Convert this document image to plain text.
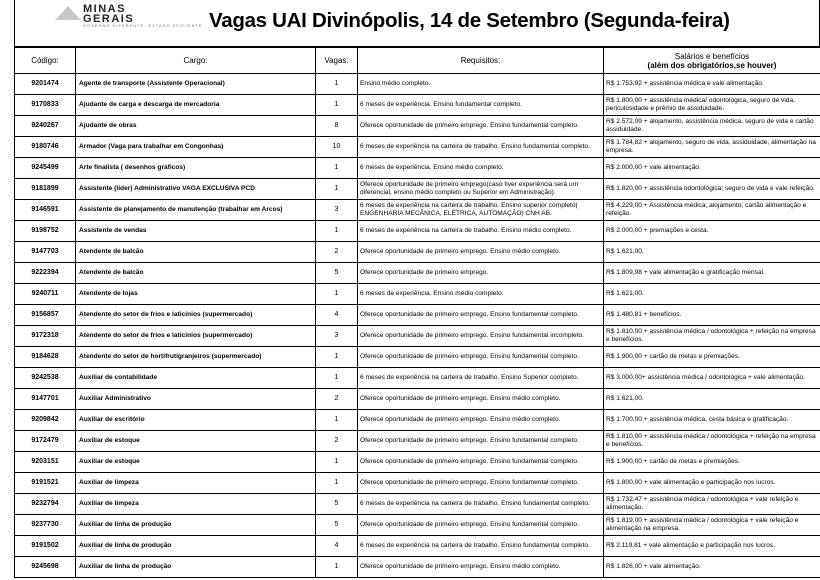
MINAS
GERAIS
GOVERNO DIFERENTE. ESTADO EFICIENTE. Vagas UAI Divinópolis, 14 de Setembro (Segunda-feira)
Código:	Cargo:	Vagas:	Requisitos:	Salários e benefícios
(além dos obrigatórios,se houver)

9201474	Agente de transporte (Assistente Operacional)	1	Ensino médio completo.	R$ 1.753,92 + assistência médica e vale alimentação.
9170833	Ajudante de carga e descarga de mercadoria	1	6 meses de experiência. Ensino fundamental completo.	R$ 1.800,00 + assistência médica/ odontológica, seguro de vida, periculosidade e prêmio de assiduidade.
9240267	Ajudante de obras	8	Oferece oportunidade de primeiro emprego. Ensino fundamental completo.	R$ 2.572,09 + alojamento, assistência médica, seguro de vida e cartão assiduidade.
9180746	Armador (Vaga para trabalhar em Congonhas)	10	6 meses de experiência na carteira de trabalho. Ensino fundamental completo.	R$ 1.784,82 + alojamento, seguro de vida, assiduidade, alimentação na empresa.
9245499	Arte finalista ( desenhos gráficos)	1	6 meses de experiência. Ensino médio completo.	R$ 2.000,00 + vale alimentação.
9181899	Assistente (líder) Administrativo VAGA EXCLUSIVA PCD	1	Oferece oportunidade de primeiro emprego(caso tiver experiência será um diferencial, ensino médio completo ou Superior em Administração).	R$ 1.820,00 + assistência odontológica; seguro de vida e vale refeição.
9146591	Assistente de planejamento de manutenção (trabalhar em Arcos)	3	6 meses de experiência na carteira de trabalho. Ensino superior completo( ENGENHARIA MECÂNICA, ELÉTRICA, AUTOMAÇÃO) CNH AB.	R$ 4.229,00 + Assistência médica; alojamento; cartão alimentação e refeição.
9198752	Assistente de vendas	1	6 meses de experiência na carteira de trabalho. Ensino médio completo.	R$ 2.000,00 + premiações e cesta.
9147703	Atendente de balcão	2	Oferece oportunidade de primeiro emprego. Ensino médio completo.	R$ 1.621,00.
9222394	Atendente de balcão	5	Oferece oportunidade de primeiro emprego.	R$ 1.809,98 + vale alimentação e gratificação mensal.
9240711	Atendente de lojas	1	6 meses de experiência. Ensino médio completo.	R$ 1.621,00.
9156857	Atendente do setor de frios e laticínios (supermercado)	4	Oferece oportunidade de primeiro emprego. Ensino fundamental completo.	R$ 1.480,81 + benefícios.
9172318	Atendente do setor de frios e laticínios (supermercado)	3	Oferece oportunidade de primeiro emprego. Ensino fundamental incompleto.	R$ 1.810,00 + assistência médica / odontológica + refeição na empresa e benefícios.
9184628	Atendente do setor de hortifrutigranjeiros (supermercado)	1	Oferece oportunidade de primeiro emprego. Ensino fundamental completo.	R$ 1.900,00 + cartão de metas e premiações.
9242538	Auxiliar de contabilidade	1	6 meses de experiência na carteira de trabalho. Ensino Superior completo.	R$ 3.000,00+ assistência médica / odontológica + vale alimentação.
9147701	Auxiliar Administrativo	2	Oferece oportunidade de primeiro emprego. Ensino médio completo.	R$ 1.621,00.
9209842	Auxiliar de escritório	1	Oferece oportunidade de primeiro emprego. Ensino médio completo.	R$ 1.700,00 + assistência médica, cesta básica e gratificação.
9172479	Auxiliar de estoque	2	Oferece oportunidade de primeiro emprego. Ensino fundamental completo.	R$ 1.810,00 + assistência médica / odontológica + refeição na empresa e benefícios.
9203151	Auxiliar de estoque	1	Oferece oportunidade de primeiro emprego. Ensino fundamental completo.	R$ 1.900,00 + cartão de metas e premiações.
9191521	Auxiliar de limpeza	1	Oferece oportunidade de primeiro emprego. Ensino fundamental completo.	R$ 1.800,00 + vale alimentação e participação nos lucros.
9232794	Auxiliar de limpeza	5	6 meses de experiência na carteira de trabalho. Ensino fundamental completo.	R$ 1.732,47 + assistência médica / odontológica + vale refeição e alimentação.
9237730	Auxiliar de linha de produção	5	Oferece oportunidade de primeiro emprego. Ensino fundamental completo.	R$ 1.819,00 + assistência médica / odontológica + vale refeição e alimentação na empresa.
9191502	Auxiliar de linha de produção	4	6 meses de experiência na carteira de trabalho. Ensino fundamental completo.	R$ 2.119,81 + vale alimentação e participação nos lucros.
9245698	Auxiliar de linha de produção	1	Oferece oportunidade de primeiro emprego. Ensino médio completo.	R$ 1.826,00 + vale alimentação.
